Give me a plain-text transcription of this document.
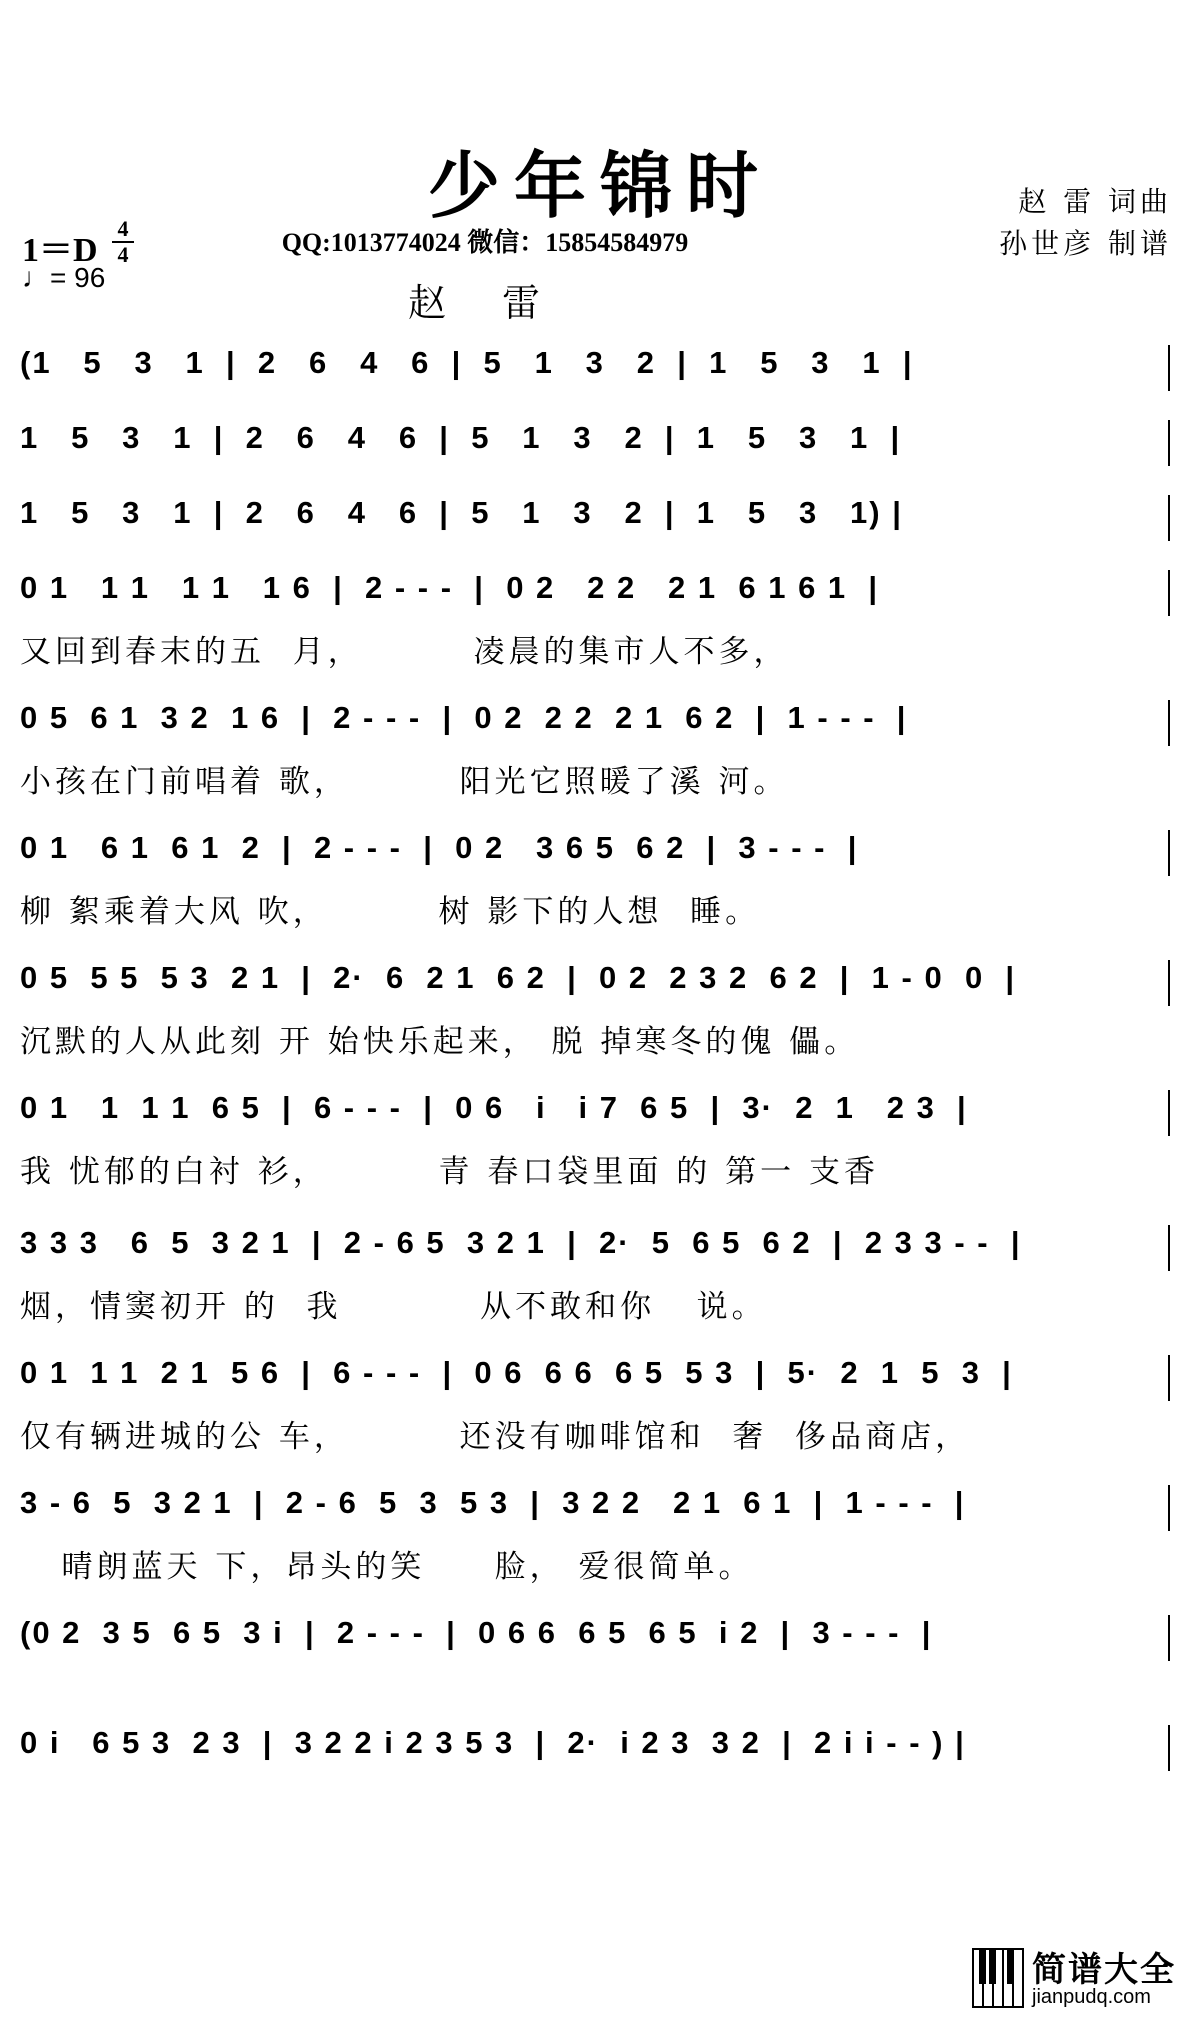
少年锦时
1＝D
4
4
♩= 96
QQ:1013774024 微信：15854584979
赵 雷
赵 雷 词曲
孙世彦 制谱
(1   5   3   1  |  2   6   4   6  |  5   1   3   2  |  1   5   3   1  |
1   5   3   1  |  2   6   4   6  |  5   1   3   2  |  1   5   3   1  |
1   5   3   1  |  2   6   4   6  |  5   1   3   2  |  1   5   3   1) |
0 1   1 1   1 1   1 6  |  2 - - -  |  0 2   2 2   2 1  6 1 6 1  |
又回到春末的五  月，        凌晨的集市人不多，
0 5  6 1  3 2  1 6  |  2 - - -  |  0 2  2 2  2 1  6 2  |  1 - - -  |
小孩在门前唱着 歌，        阳光它照暖了溪 河。
0 1   6 1  6 1  2  |  2 - - -  |  0 2   3 6 5  6 2  |  3 - - -  |
柳 絮乘着大风 吹，        树 影下的人想  睡。
0 5  5 5  5 3  2 1  |  2·  6  2 1  6 2  |  0 2  2 3 2  6 2  |  1 - 0  0  |
沉默的人从此刻 开 始快乐起来， 脱 掉寒冬的傀 儡。
0 1   1  1 1  6 5  |  6 - - -  |  0 6   i   i 7  6 5  |  3·  2  1   2 3  |
我 忧郁的白衬 衫，        青 春口袋里面 的 第一 支香
3 3 3   6  5  3 2 1  |  2 - 6 5  3 2 1  |  2·  5  6 5  6 2  |  2 3 3 - -  |
烟，情窦初开 的  我          从不敢和你   说。
0 1  1 1  2 1  5 6  |  6 - - -  |  0 6  6 6  6 5  5 3  |  5·  2  1  5  3  |
仅有辆进城的公 车，        还没有咖啡馆和  奢  侈品商店，
3 - 6  5  3 2 1  |  2 - 6  5  3  5 3  |  3 2 2   2 1  6 1  |  1 - - -  |
晴朗蓝天 下，昂头的笑     脸， 爱很简单。
(0 2  3 5  6 5  3 i  |  2 - - -  |  0 6 6  6 5  6 5  i 2  |  3 - - -  |
0 i   6 5 3  2 3  |  3 2 2 i 2 3 5 3  |  2·  i 2 3  3 2  |  2 i i - - ) |
简谱大全
jianpudq.com
